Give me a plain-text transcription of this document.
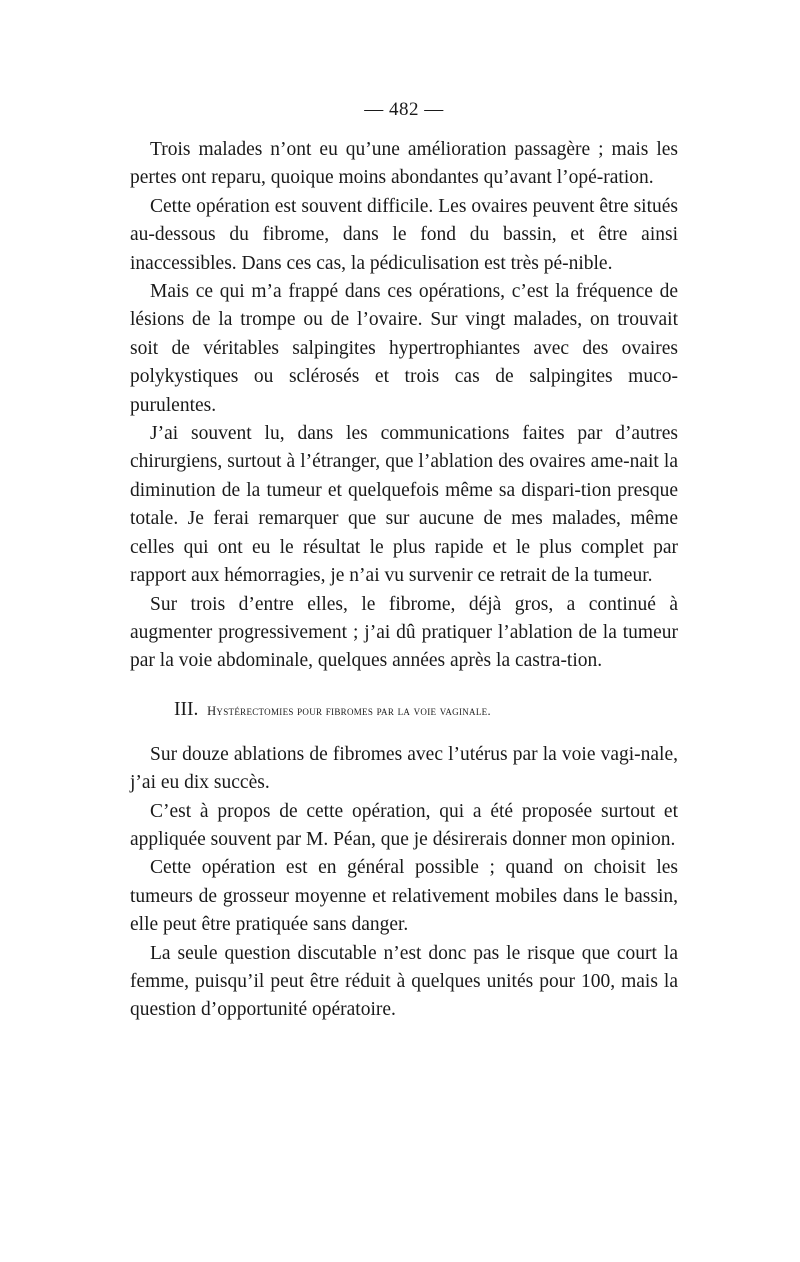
— 482 —

Trois malades n’ont eu qu’une amélioration passagère ; mais les pertes ont reparu, quoique moins abondantes qu’avant l’opé-ration.

Cette opération est souvent difficile. Les ovaires peuvent être situés au-dessous du fibrome, dans le fond du bassin, et être ainsi inaccessibles. Dans ces cas, la pédiculisation est très pé-nible.

Mais ce qui m’a frappé dans ces opérations, c’est la fréquence de lésions de la trompe ou de l’ovaire. Sur vingt malades, on trouvait soit de véritables salpingites hypertrophiantes avec des ovaires polykystiques ou sclérosés et trois cas de salpingites muco-purulentes.

J’ai souvent lu, dans les communications faites par d’autres chirurgiens, surtout à l’étranger, que l’ablation des ovaires ame-nait la diminution de la tumeur et quelquefois même sa dispari-tion presque totale. Je ferai remarquer que sur aucune de mes malades, même celles qui ont eu le résultat le plus rapide et le plus complet par rapport aux hémorragies, je n’ai vu survenir ce retrait de la tumeur.

Sur trois d’entre elles, le fibrome, déjà gros, a continué à augmenter progressivement ; j’ai dû pratiquer l’ablation de la tumeur par la voie abdominale, quelques années après la castra-tion.

III. Hystérectomies pour fibromes par la voie vaginale.

Sur douze ablations de fibromes avec l’utérus par la voie vagi-nale, j’ai eu dix succès.

C’est à propos de cette opération, qui a été proposée surtout et appliquée souvent par M. Péan, que je désirerais donner mon opinion.

Cette opération est en général possible ; quand on choisit les tumeurs de grosseur moyenne et relativement mobiles dans le bassin, elle peut être pratiquée sans danger.

La seule question discutable n’est donc pas le risque que court la femme, puisqu’il peut être réduit à quelques unités pour 100, mais la question d’opportunité opératoire.
